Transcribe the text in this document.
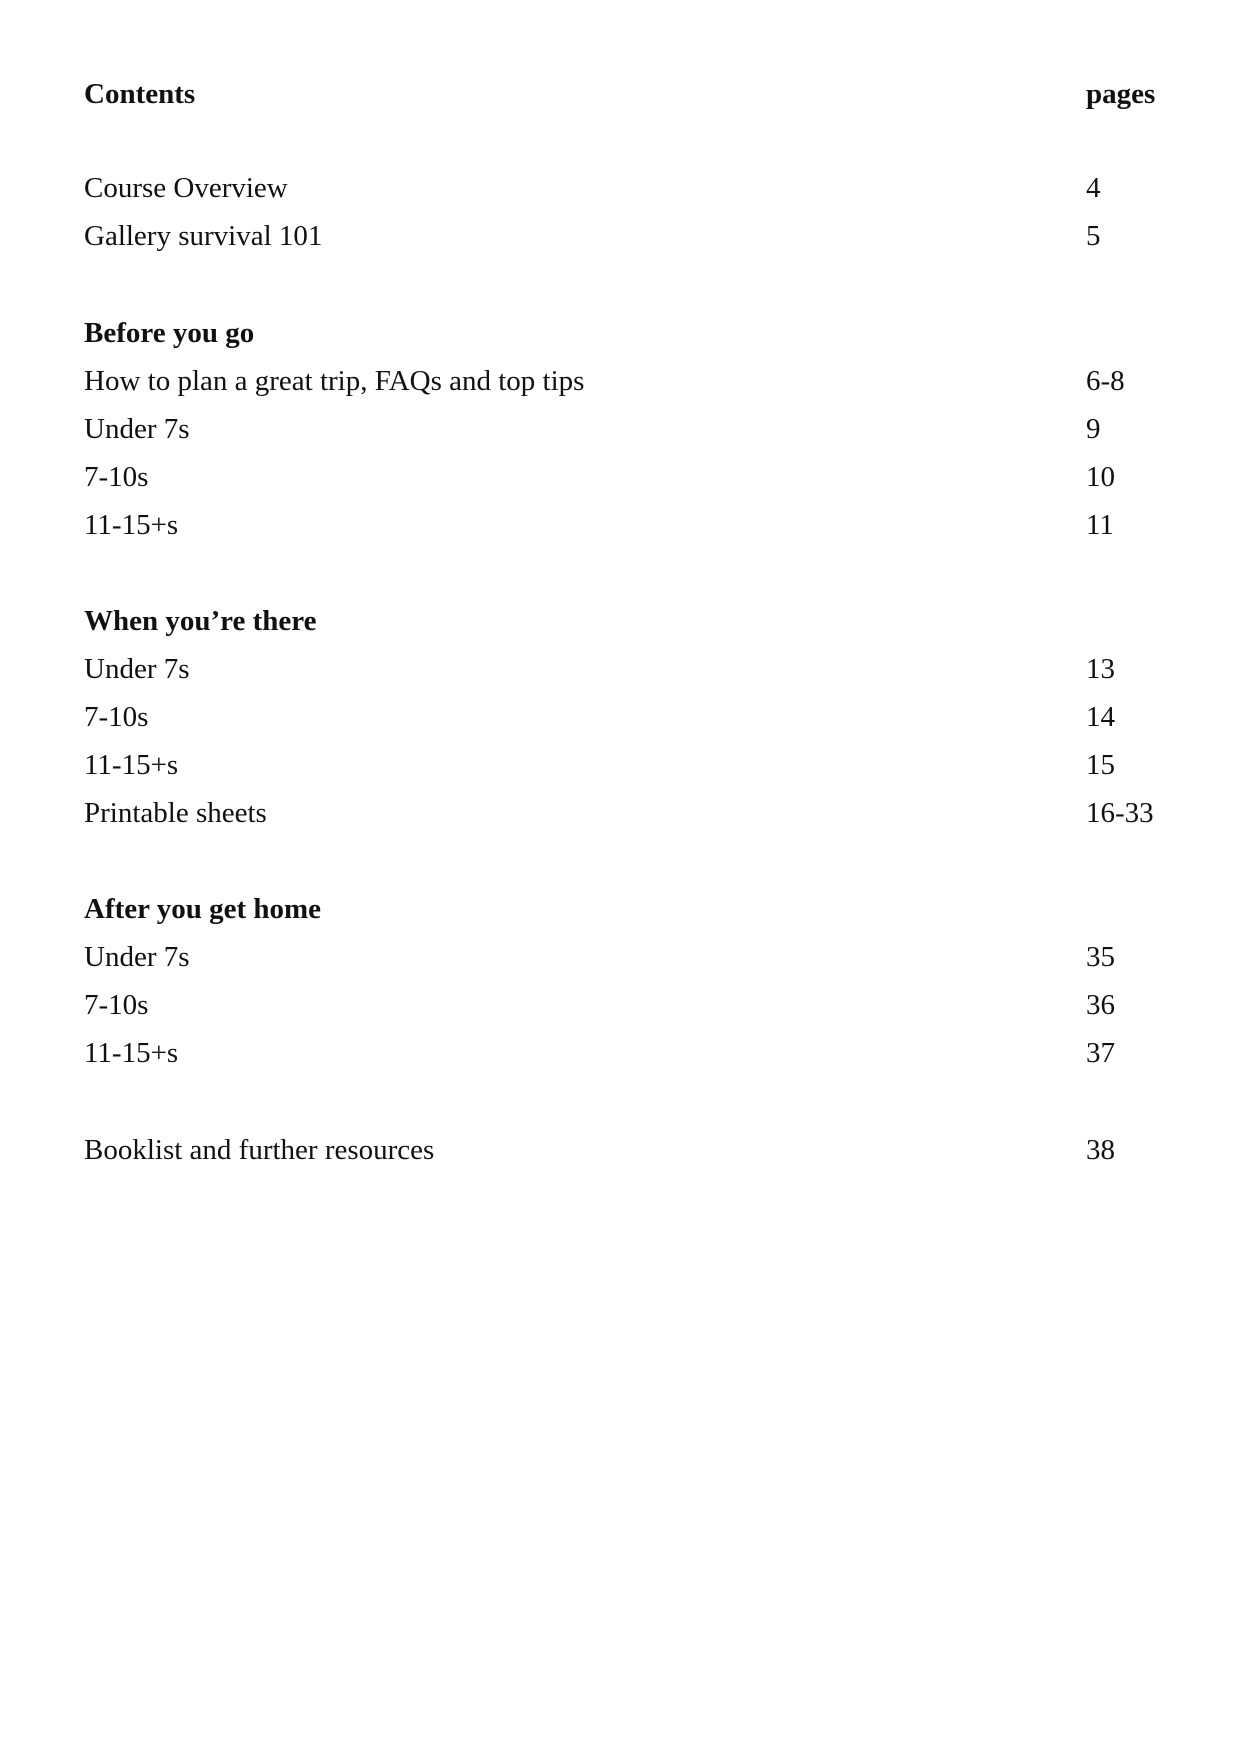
Contents	pages
Course Overview	4
Gallery survival 101	5
Before you go
How to plan a great trip, FAQs and top tips	6-8
Under 7s	9
7-10s	10
11-15+s	11
When you’re there
Under 7s	13
7-10s	14
11-15+s	15
Printable sheets	16-33
After you get home
Under 7s	35
7-10s	36
11-15+s	37
Booklist and further resources	38
